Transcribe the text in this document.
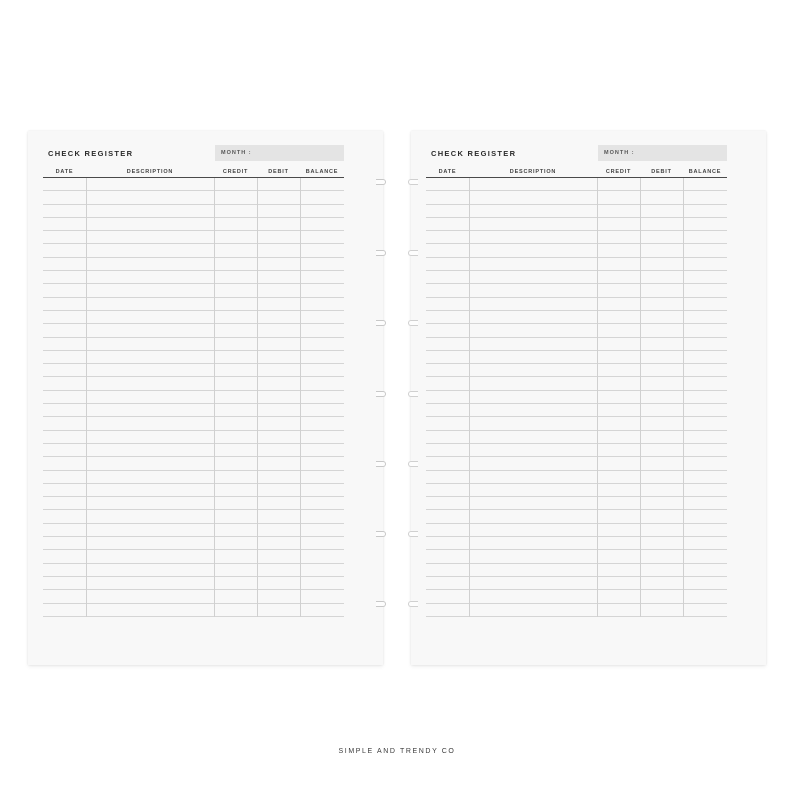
CHECK REGISTER	MONTH :
DATE	DESCRIPTION	CREDIT	DEBIT	BALANCE
CHECK REGISTER	MONTH :
DATE	DESCRIPTION	CREDIT	DEBIT	BALANCE
SIMPLE AND TRENDY CO
